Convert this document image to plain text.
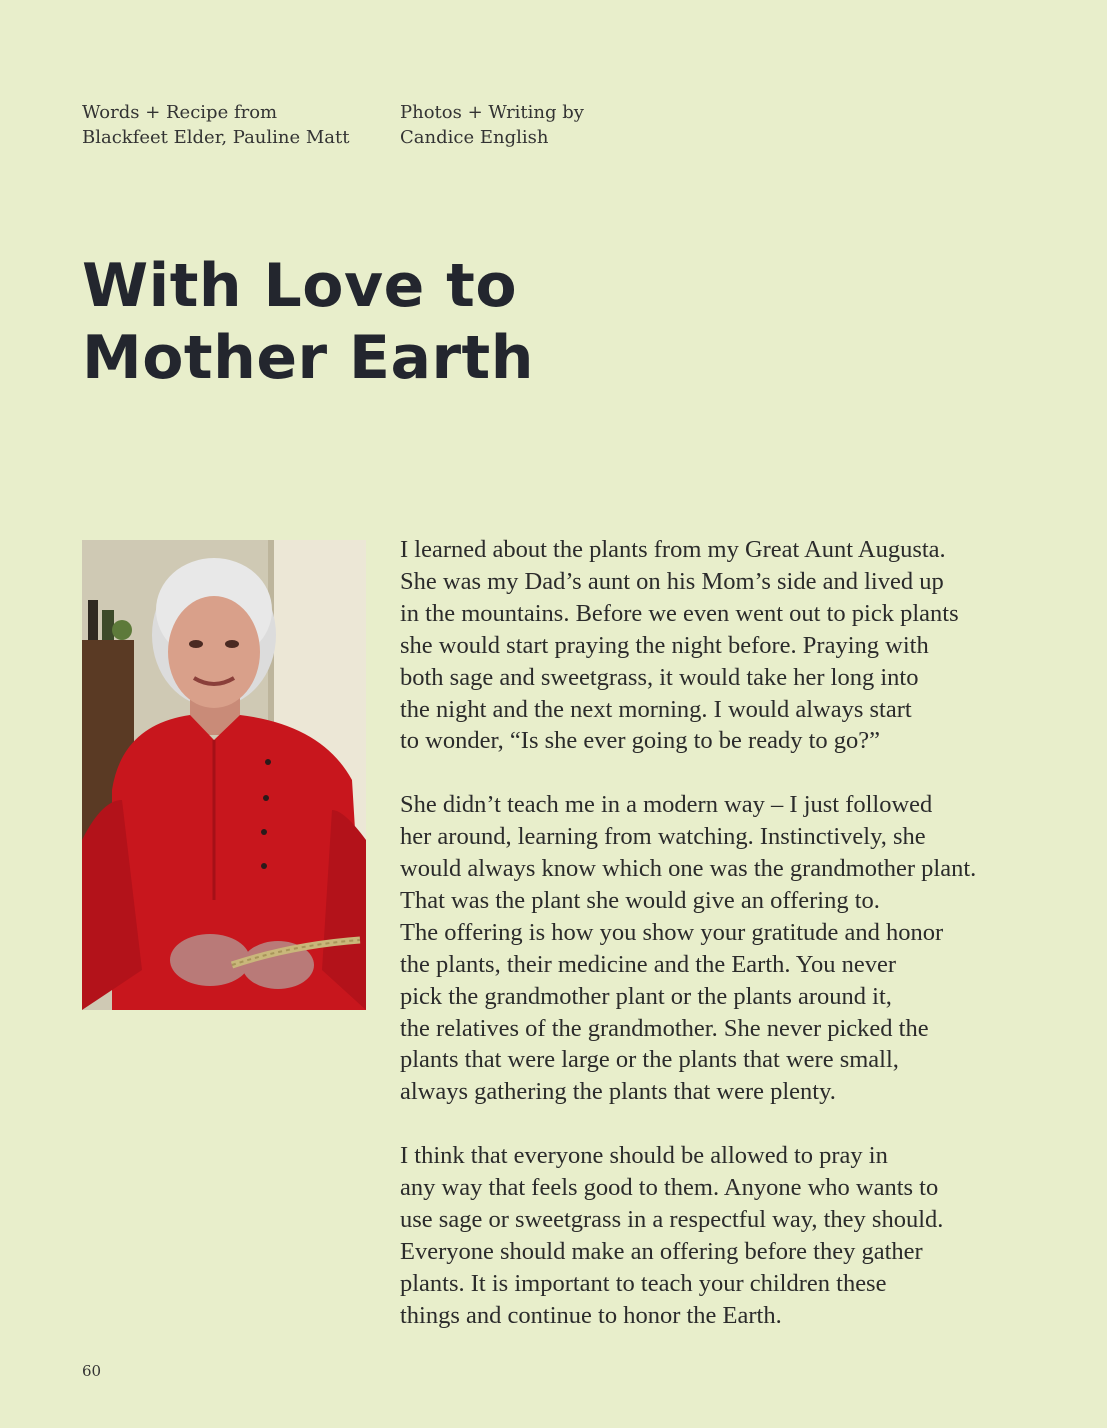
Words + Recipe from
Blackfeet Elder, Pauline Matt
Photos + Writing by
Candice English
With Love to
Mother Earth

I learned about the plants from my Great Aunt Augusta.
She was my Dad’s aunt on his Mom’s side and lived up
in the mountains. Before we even went out to pick plants
she would start praying the night before. Praying with
both sage and sweetgrass, it would take her long into
the night and the next morning. I would always start
to wonder, “Is she ever going to be ready to go?”

She didn’t teach me in a modern way – I just followed
her around, learning from watching. Instinctively, she
would always know which one was the grandmother plant.
That was the plant she would give an offering to.
The offering is how you show your gratitude and honor
the plants, their medicine and the Earth. You never
pick the grandmother plant or the plants around it,
the relatives of the grandmother. She never picked the
plants that were large or the plants that were small,
always gathering the plants that were plenty.

I think that everyone should be allowed to pray in
any way that feels good to them. Anyone who wants to
use sage or sweetgrass in a respectful way, they should.
Everyone should make an offering before they gather
plants. It is important to teach your children these
things and continue to honor the Earth.

60
